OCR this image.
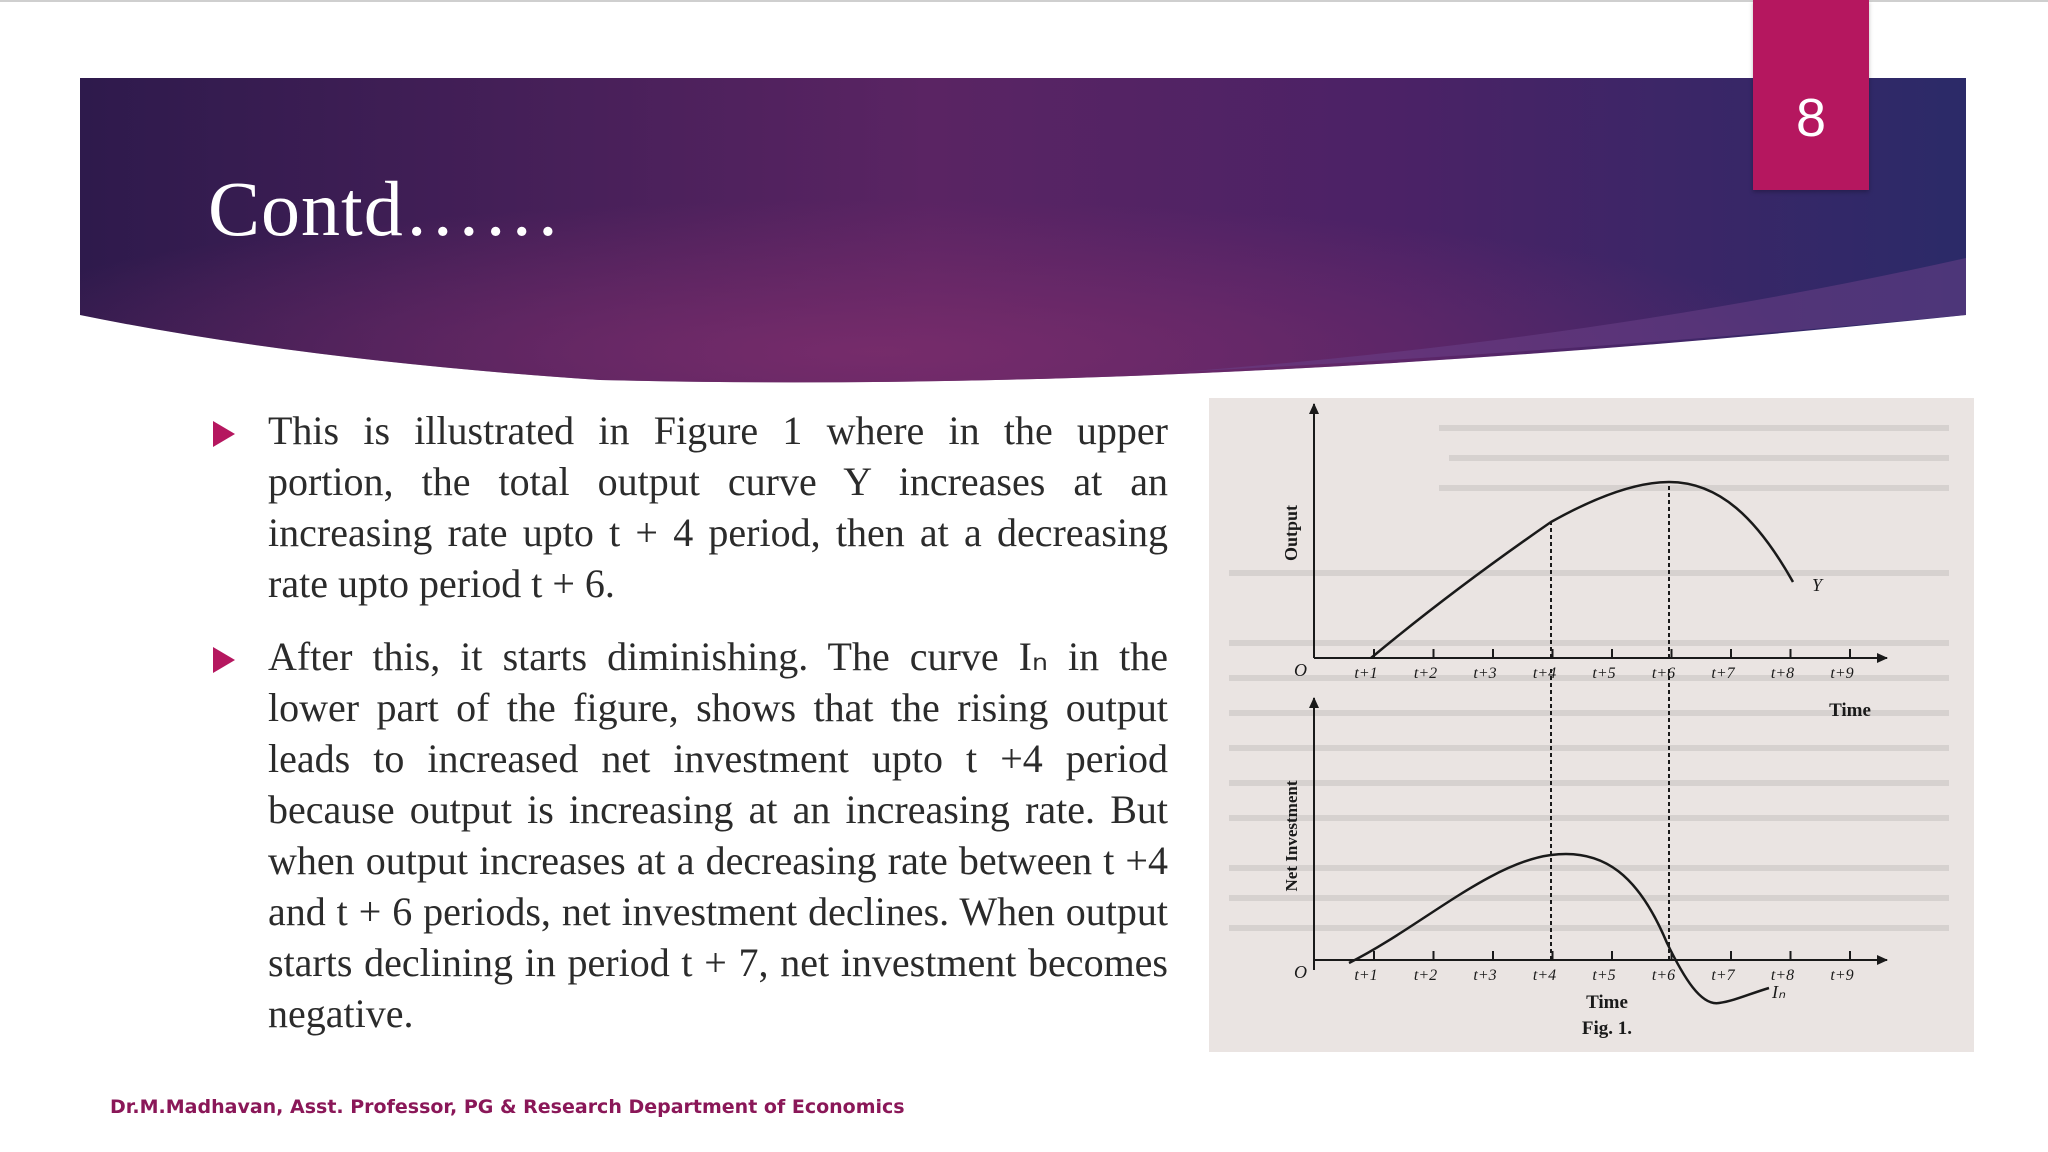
Contd……
8
This is illustrated in Figure 1 where in the upper portion, the total output curve Y increases at an increasing rate upto t + 4 period, then at a decreasing rate upto period t + 6.
After this, it starts diminishing. The curve Iₙ in the lower part of the figure, shows that the rising output leads to increased net investment upto t +4 period because output is increasing at an increasing rate. But when output increases at a decreasing rate between t +4 and t + 6 periods, net investment declines. When output starts declining in period t + 7, net investment becomes negative.
Y
O
Output
Time
t+1 t+2 t+3 t+4 t+5 t+6 t+7 t+8 t+9
Iₙ
O
Net Investment
Time
t+1 t+2 t+3 t+4 t+5 t+6 t+7 t+8 t+9
Fig. 1.

Dr.M.Madhavan, Asst. Professor, PG & Research Department of Economics
